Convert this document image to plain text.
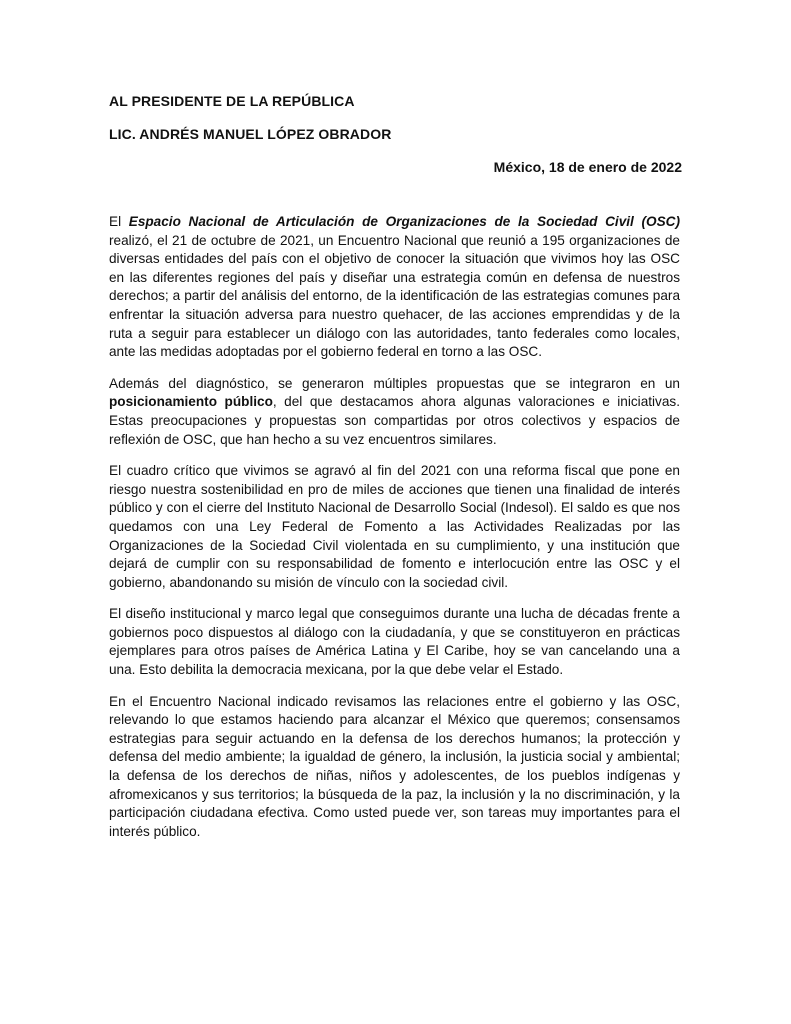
AL PRESIDENTE DE LA REPÚBLICA

LIC. ANDRÉS MANUEL LÓPEZ OBRADOR

México, 18 de enero de 2022

El Espacio Nacional de Articulación de Organizaciones de la Sociedad Civil (OSC) realizó, el 21 de octubre de 2021, un Encuentro Nacional que reunió a 195 organizaciones de diversas entidades del país con el objetivo de conocer la situación que vivimos hoy las OSC en las diferentes regiones del país y diseñar una estrategia común en defensa de nuestros derechos; a partir del análisis del entorno, de la identificación de las estrategias comunes para enfrentar la situación adversa para nuestro quehacer, de las acciones emprendidas y de la ruta a seguir para establecer un diálogo con las autoridades, tanto federales como locales, ante las medidas adoptadas por el gobierno federal en torno a las OSC.

Además del diagnóstico, se generaron múltiples propuestas que se integraron en un posicionamiento público, del que destacamos ahora algunas valoraciones e iniciativas. Estas preocupaciones y propuestas son compartidas por otros colectivos y espacios de reflexión de OSC, que han hecho a su vez encuentros similares.

El cuadro crítico que vivimos se agravó al fin del 2021 con una reforma fiscal que pone en riesgo nuestra sostenibilidad en pro de miles de acciones que tienen una finalidad de interés público y con el cierre del Instituto Nacional de Desarrollo Social (Indesol). El saldo es que nos quedamos con una Ley Federal de Fomento a las Actividades Realizadas por las Organizaciones de la Sociedad Civil violentada en su cumplimiento, y una institución que dejará de cumplir con su responsabilidad de fomento e interlocución entre las OSC y el gobierno, abandonando su misión de vínculo con la sociedad civil.

El diseño institucional y marco legal que conseguimos durante una lucha de décadas frente a gobiernos poco dispuestos al diálogo con la ciudadanía, y que se constituyeron en prácticas ejemplares para otros países de América Latina y El Caribe, hoy se van cancelando una a una. Esto debilita la democracia mexicana, por la que debe velar el Estado.

En el Encuentro Nacional indicado revisamos las relaciones entre el gobierno y las OSC, relevando lo que estamos haciendo para alcanzar el México que queremos; consensamos estrategias para seguir actuando en la defensa de los derechos humanos; la protección y defensa del medio ambiente; la igualdad de género, la inclusión, la justicia social y ambiental; la defensa de los derechos de niñas, niños y adolescentes, de los pueblos indígenas y afromexicanos y sus territorios; la búsqueda de la paz, la inclusión y la no discriminación, y la participación ciudadana efectiva. Como usted puede ver, son tareas muy importantes para el interés público.
